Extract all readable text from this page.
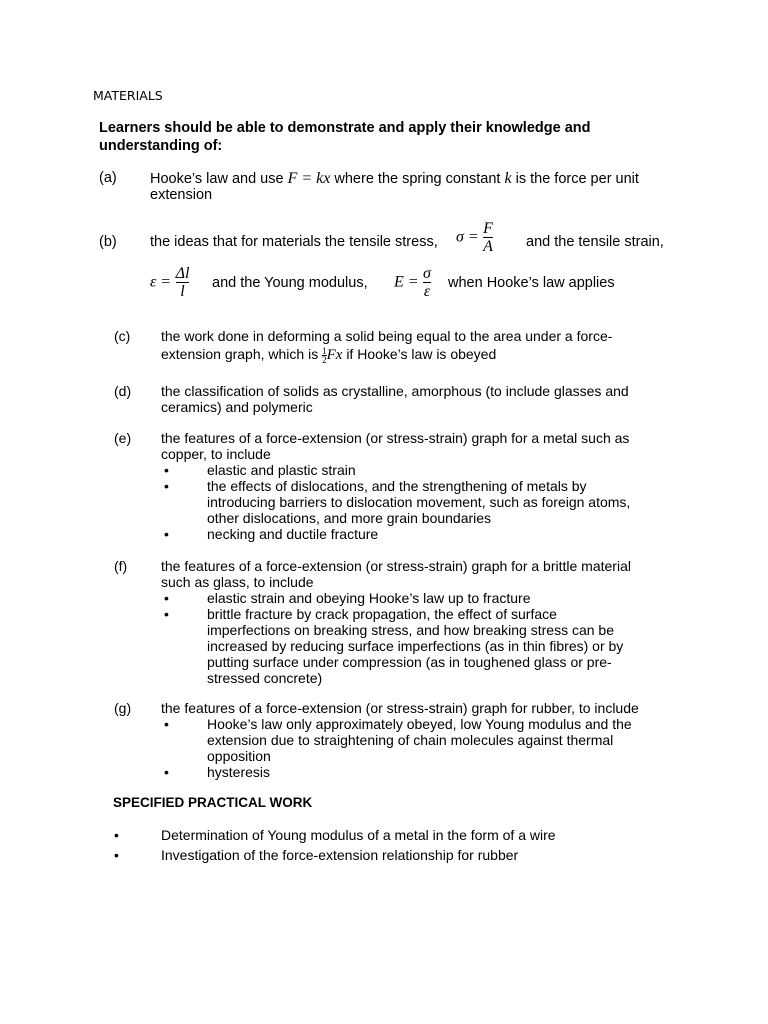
MATERIALS
Learners should be able to demonstrate and apply their knowledge and understanding of:
(a) Hooke’s law and use F = kx where the spring constant k is the force per unit
extension
(b) the ideas that for materials the tensile stress, $\sigma = \frac{F}{A}$ and the tensile strain,
$\varepsilon = \frac{\Delta l}{l}$ and the Young modulus, $E = \frac{\sigma}{\varepsilon}$ when Hooke’s law applies
(c) the work done in deforming a solid being equal to the area under a force-
extension graph, which is $\frac{1}{2}$ Fx if Hooke’s law is obeyed
(d) the classification of solids as crystalline, amorphous (to include glasses and
ceramics) and polymeric
(e) the features of a force-extension (or stress-strain) graph for a metal such as
copper, to include
•	elastic and plastic strain
•	the effects of dislocations, and the strengthening of metals by
introducing barriers to dislocation movement, such as foreign atoms,
other dislocations, and more grain boundaries
•	necking and ductile fracture
(f) the features of a force-extension (or stress-strain) graph for a brittle material
such as glass, to include
•	elastic strain and obeying Hooke’s law up to fracture
•	brittle fracture by crack propagation, the effect of surface
imperfections on breaking stress, and how breaking stress can be
increased by reducing surface imperfections (as in thin fibres) or by
putting surface under compression (as in toughened glass or pre-
stressed concrete)
(g) the features of a force-extension (or stress-strain) graph for rubber, to include
•	Hooke’s law only approximately obeyed, low Young modulus and the
extension due to straightening of chain molecules against thermal
opposition
•	hysteresis
SPECIFIED PRACTICAL WORK
•	Determination of Young modulus of a metal in the form of a wire
•	Investigation of the force-extension relationship for rubber
